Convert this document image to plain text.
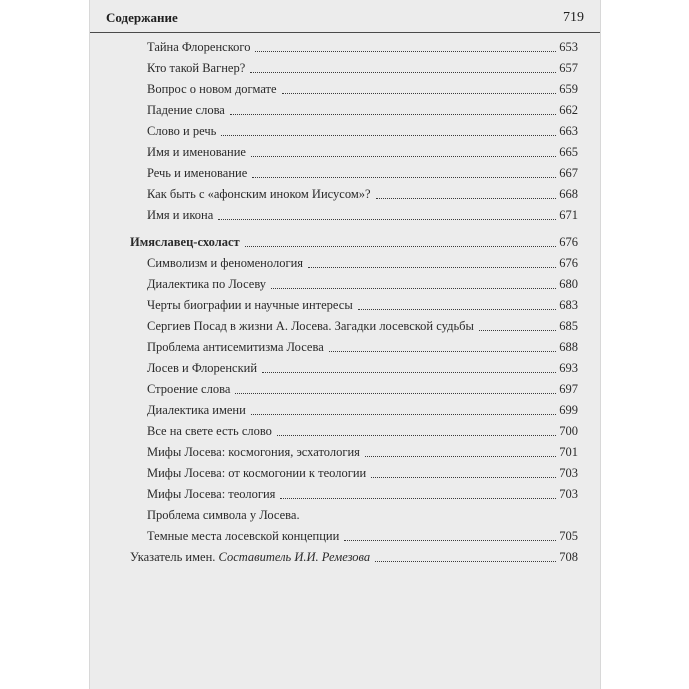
Содержание	719
Тайна Флоренского	653
Кто такой Вагнер?	657
Вопрос о новом догмате	659
Падение слова	662
Слово и речь	663
Имя и именование	665
Речь и именование	667
Как быть с «афонским иноком Иисусом»?	668
Имя и икона	671
Имяславец-схоласт	676
Символизм и феноменология	676
Диалектика по Лосеву	680
Черты биографии и научные интересы	683
Сергиев Посад в жизни А. Лосева. Загадки лосевской судьбы	685
Проблема антисемитизма Лосева	688
Лосев и Флоренский	693
Строение слова	697
Диалектика имени	699
Все на свете есть слово	700
Мифы Лосева: космогония, эсхатология	701
Мифы Лосева: от космогонии к теологии	703
Мифы Лосева: теология	703
Проблема символа у Лосева.
Темные места лосевской концепции	705
Указатель имен. Составитель И.И. Ремезова	708
